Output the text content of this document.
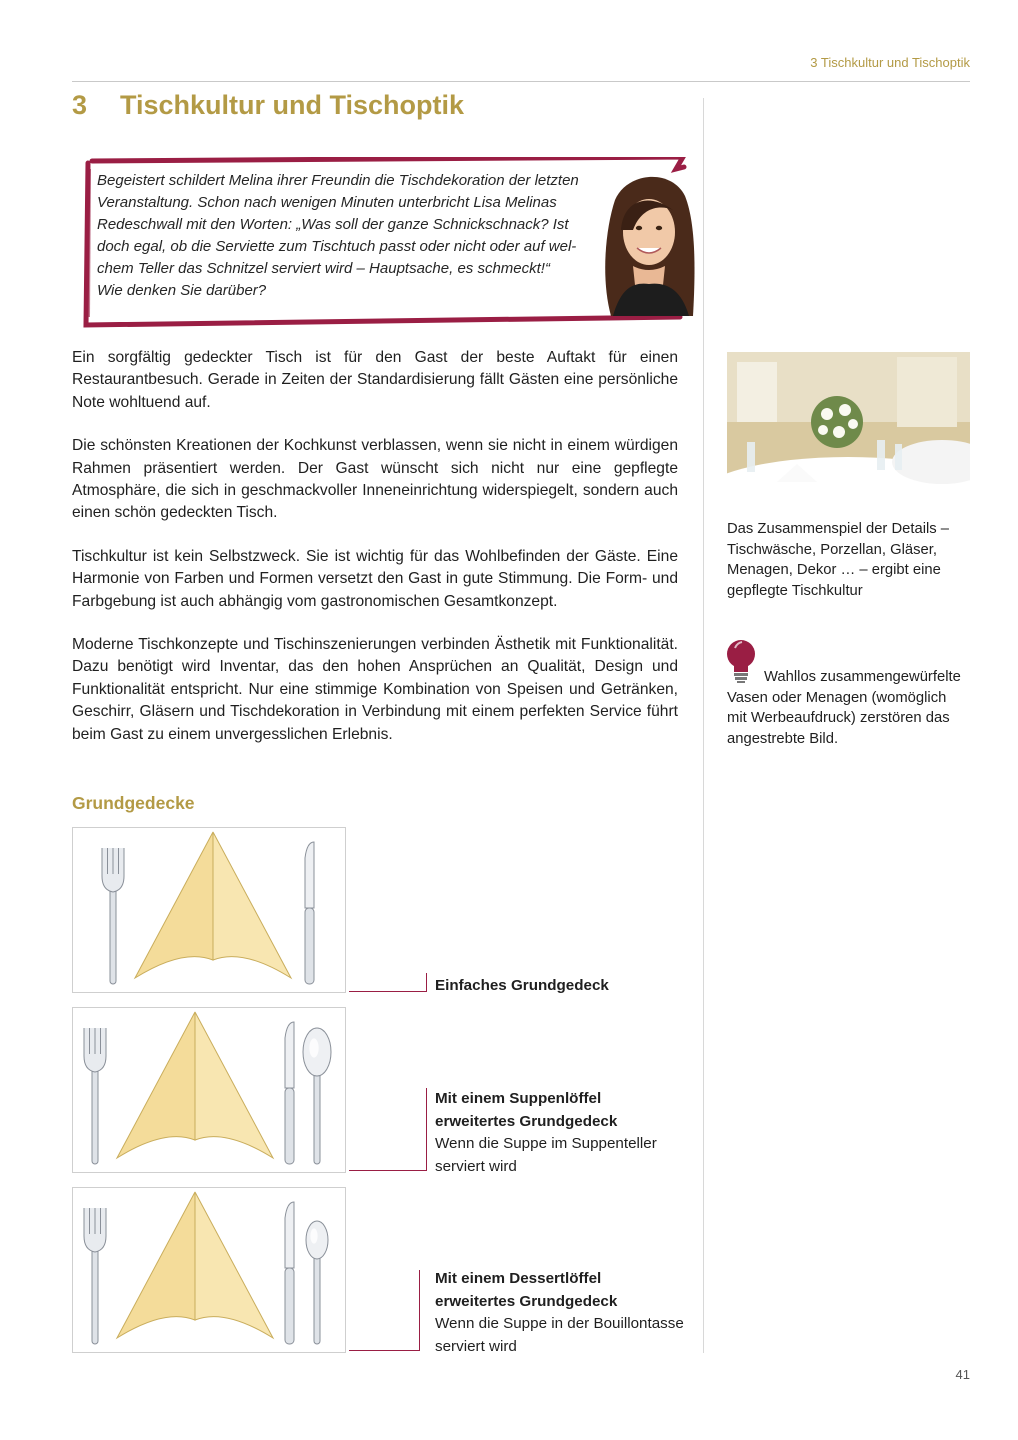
3 Tischkultur und Tischoptik
3 Tischkultur und Tischoptik
Begeistert schildert Melina ihrer Freundin die Tischdekoration der letzten
Veranstaltung. Schon nach wenigen Minuten unterbricht Lisa Melinas
Redeschwall mit den Worten: „Was soll der ganze Schnickschnack? Ist
doch egal, ob die Serviette zum Tischtuch passt oder nicht oder auf wel-
chem Teller das Schnitzel serviert wird – Hauptsache, es schmeckt!“
Wie denken Sie darüber?

Ein sorgfältig gedeckter Tisch ist für den Gast der beste Auftakt für einen Restaurantbesuch. Gerade in Zeiten der Standardisierung fällt Gästen eine persönliche Note wohltuend auf.

Die schönsten Kreationen der Kochkunst verblassen, wenn sie nicht in einem würdigen Rahmen präsentiert werden. Der Gast wünscht sich nicht nur eine gepflegte Atmosphäre, die sich in geschmackvoller Inneneinrichtung widerspiegelt, sondern auch einen schön gedeckten Tisch.

Tischkultur ist kein Selbstzweck. Sie ist wichtig für das Wohlbefinden der Gäste. Eine Harmonie von Farben und Formen versetzt den Gast in gute Stimmung. Die Form- und Farbgebung ist auch abhängig vom gastronomischen Gesamtkonzept.

Moderne Tischkonzepte und Tischinszenierungen verbinden Ästhetik mit Funktionalität. Dazu benötigt wird Inventar, das den hohen Ansprüchen an Qualität, Design und Funktionalität entspricht. Nur eine stimmige Kombination von Speisen und Getränken, Geschirr, Gläsern und Tischdekoration in Verbindung mit einem perfekten Service führt beim Gast zu einem unvergesslichen Erlebnis.

Das Zusammenspiel der Details – Tischwäsche, Porzellan, Gläser, Menagen, Dekor … – ergibt eine gepflegte Tischkultur
Wahllos zusammengewürfelte Vasen oder Menagen (womöglich mit Werbeaufdruck) zerstören das angestrebte Bild.
Grundgedecke
Einfaches Grundgedeck
Mit einem Suppenlöffel
erweitertes Grundgedeck
Wenn die Suppe im Suppenteller serviert wird
Mit einem Dessertlöffel
erweitertes Grundgedeck
Wenn die Suppe in der Bouillontasse serviert wird
41
